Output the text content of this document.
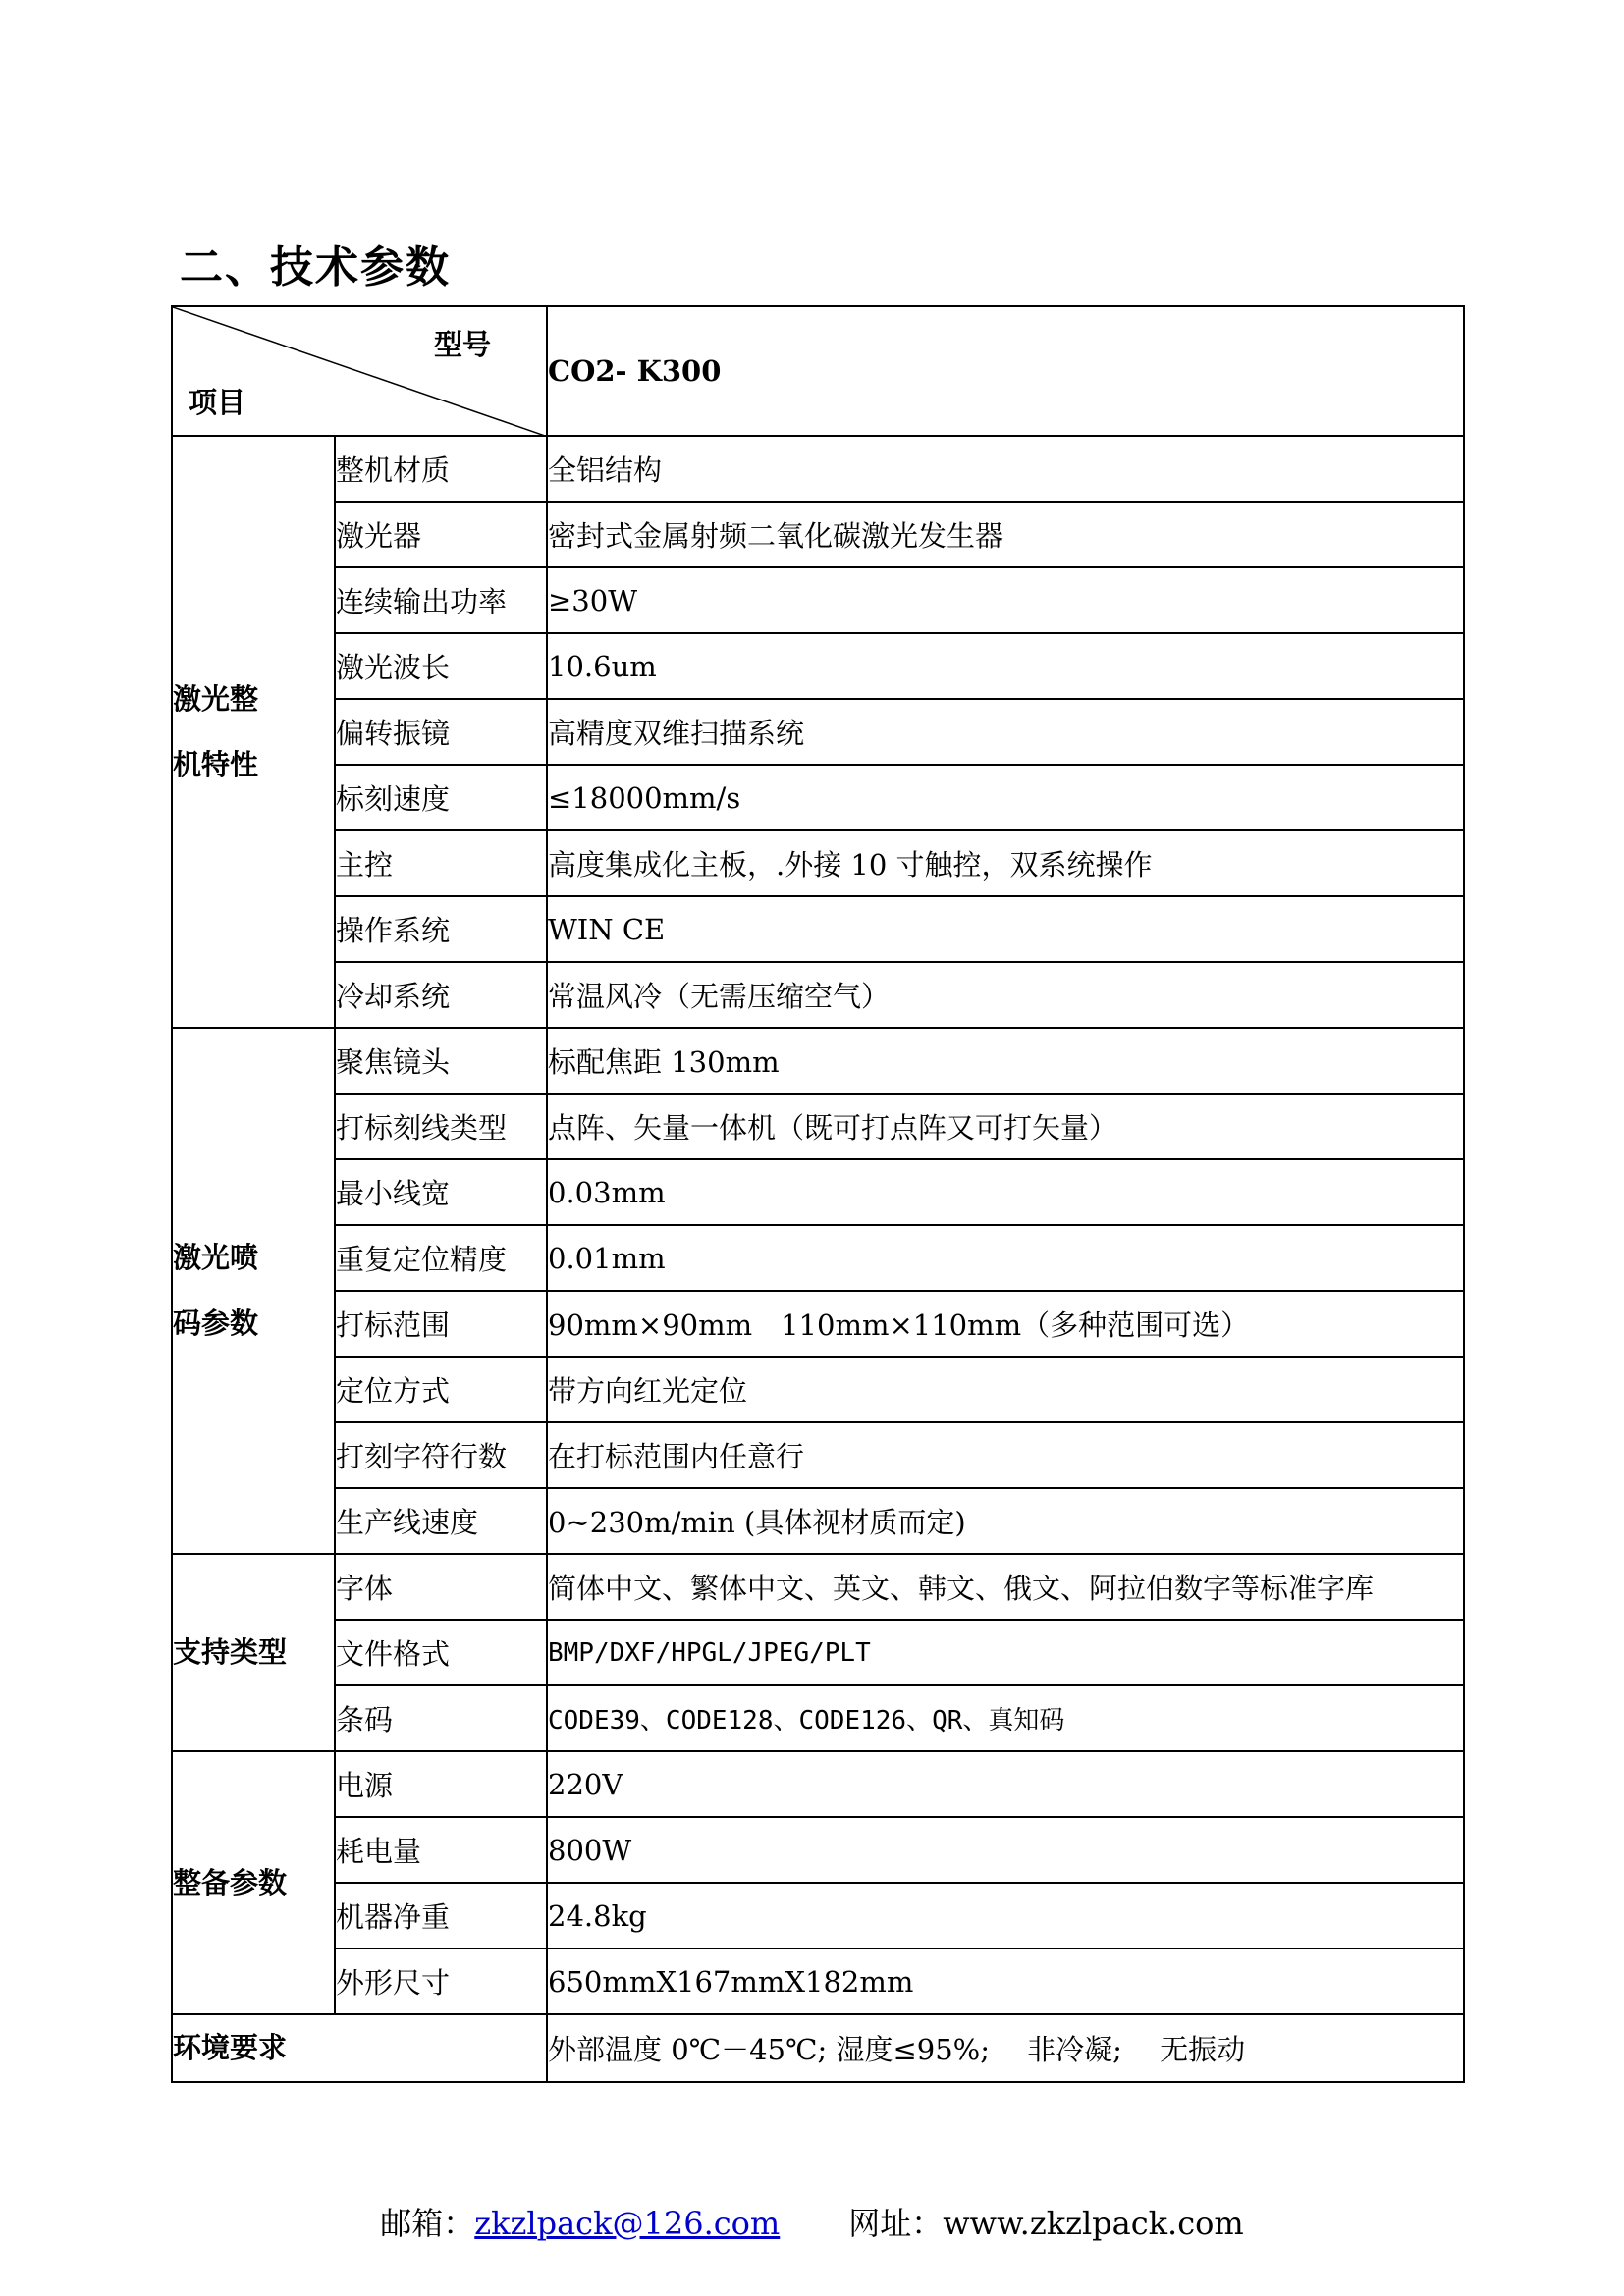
二、技术参数
型号
项目		CO2- K300
激光整
机特性	整机材质	全铝结构
	激光器	密封式金属射频二氧化碳激光发生器
	连续输出功率	≥30W
	激光波长	10.6um
	偏转振镜	高精度双维扫描系统
	标刻速度	≤18000mm/s
	主控	高度集成化主板，.外接 10 寸触控，双系统操作
	操作系统	WIN CE
	冷却系统	常温风冷（无需压缩空气）
激光喷
码参数	聚焦镜头	标配焦距 130mm
	打标刻线类型	点阵、矢量一体机（既可打点阵又可打矢量）
	最小线宽	0.03mm
	重复定位精度	0.01mm
	打标范围	90mm×90mm　110mm×110mm（多种范围可选）
	定位方式	带方向红光定位
	打刻字符行数	在打标范围内任意行
	生产线速度	0~230m/min (具体视材质而定)
支持类型	字体	简体中文、繁体中文、英文、韩文、俄文、阿拉伯数字等标准字库
	文件格式	BMP/DXF/HPGL/JPEG/PLT
	条码	CODE39、CODE128、CODE126、QR、真知码
整备参数	电源	220V
	耗电量	800W
	机器净重	24.8kg
	外形尺寸	650mmX167mmX182mm
环境要求		外部温度 0℃－45℃; 湿度≤95%;　 非冷凝;　 无振动
邮箱：zkzlpack@126.com 网址：www.zkzlpack.com
